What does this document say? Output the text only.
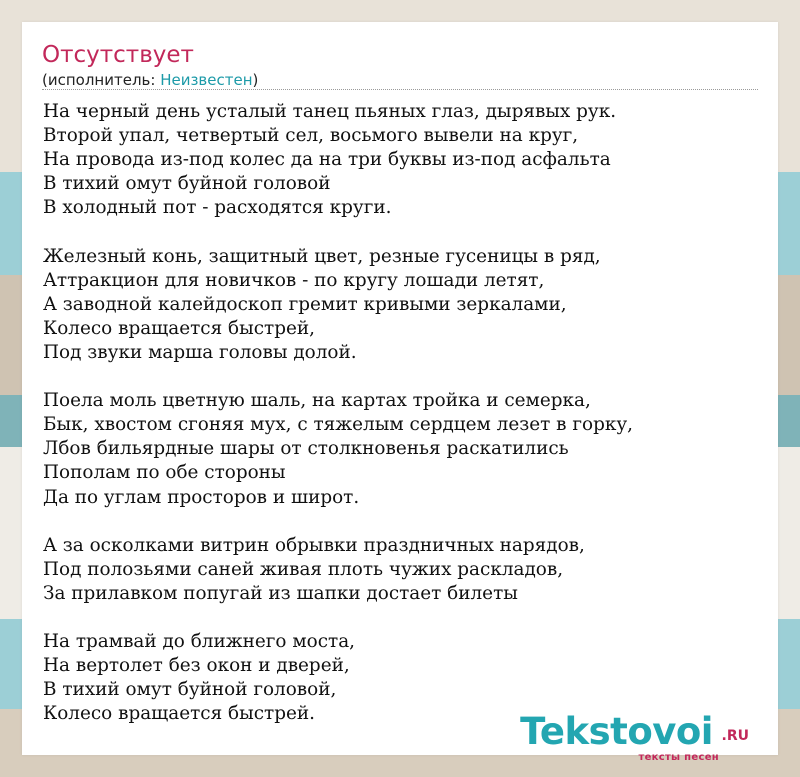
Отсутствует
(исполнитель: Неизвестен)
На черный день усталый танец пьяных глаз, дырявых рук.
Второй упал, четвертый сел, восьмого вывели на круг,
На провода из-под колес да на три буквы из-под асфальта
В тихий омут буйной головой
В холодный пот - расходятся круги.
Железный конь, защитный цвет, резные гусеницы в ряд,
Аттракцион для новичков - по кругу лошади летят,
А заводной калейдоскоп гремит кривыми зеркалами,
Колесо вращается быстрей,
Под звуки марша головы долой.
Поела моль цветную шаль, на картах тройка и семерка,
Бык, хвостом сгоняя мух, с тяжелым сердцем лезет в горку,
Лбов бильярдные шары от столкновенья раскатились
Пополам по обе стороны
Да по углам просторов и широт.
А за осколками витрин обрывки праздничных нарядов,
Под полозьями саней живая плоть чужих раскладов,
За прилавком попугай из шапки достает билеты
На трамвай до ближнего моста,
На вертолет без окон и дверей,
В тихий омут буйной головой,
Колесо вращается быстрей.	Tekstovoi .RU
тексты песен
